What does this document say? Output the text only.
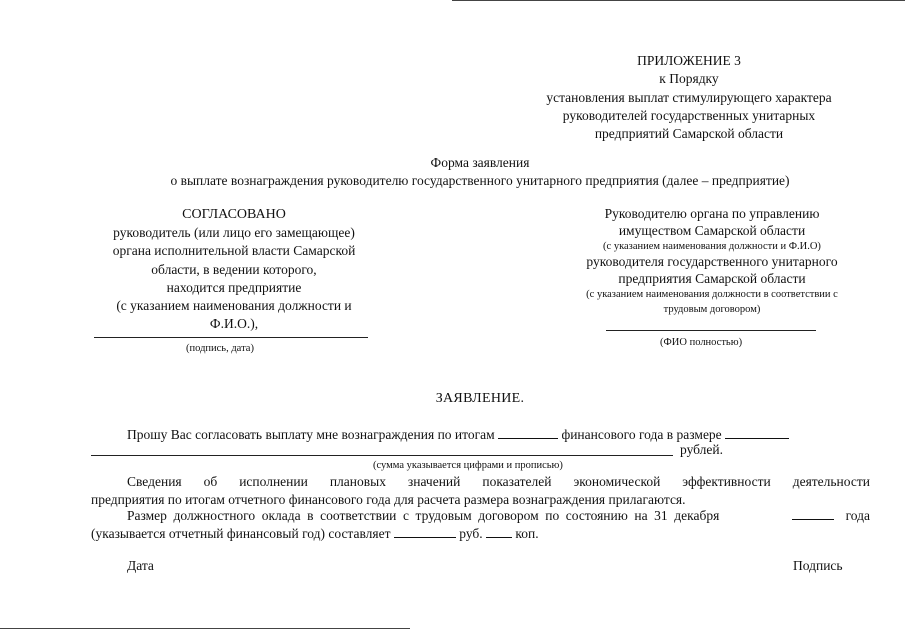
ПРИЛОЖЕНИЕ 3
к Порядку
установления выплат стимулирующего характера
руководителей государственных унитарных
предприятий Самарской области
Форма заявления
о выплате вознаграждения руководителю государственного унитарного предприятия (далее – предприятие)
СОГЛАСОВАНО
руководитель (или лицо его замещающее)
органа исполнительной власти Самарской
области, в ведении которого,
находится предприятие
(с указанием наименования должности и
Ф.И.О.),
(подпись, дата)
Руководителю органа по управлению
имуществом Самарской области
(с указанием наименования должности и Ф.И.О)
руководителя государственного унитарного
предприятия Самарской области
(с указанием наименования должности в соответствии с
трудовым договором)
(ФИО полностью)
ЗАЯВЛЕНИЕ.
Прошу Вас согласовать выплату мне вознаграждения по итогам	финансового года в размере
рублей.
(сумма указывается цифрами и прописью)
Сведения об исполнении плановых значений показателей экономической эффективности деятельности
предприятия по итогам отчетного финансового года для расчета размера вознаграждения прилагаются.
Размер должностного оклада в соответствии с трудовым договором по состоянию на 31 декабря	года
(указывается отчетный финансовый год) составляет	руб. коп.
Дата	Подпись
